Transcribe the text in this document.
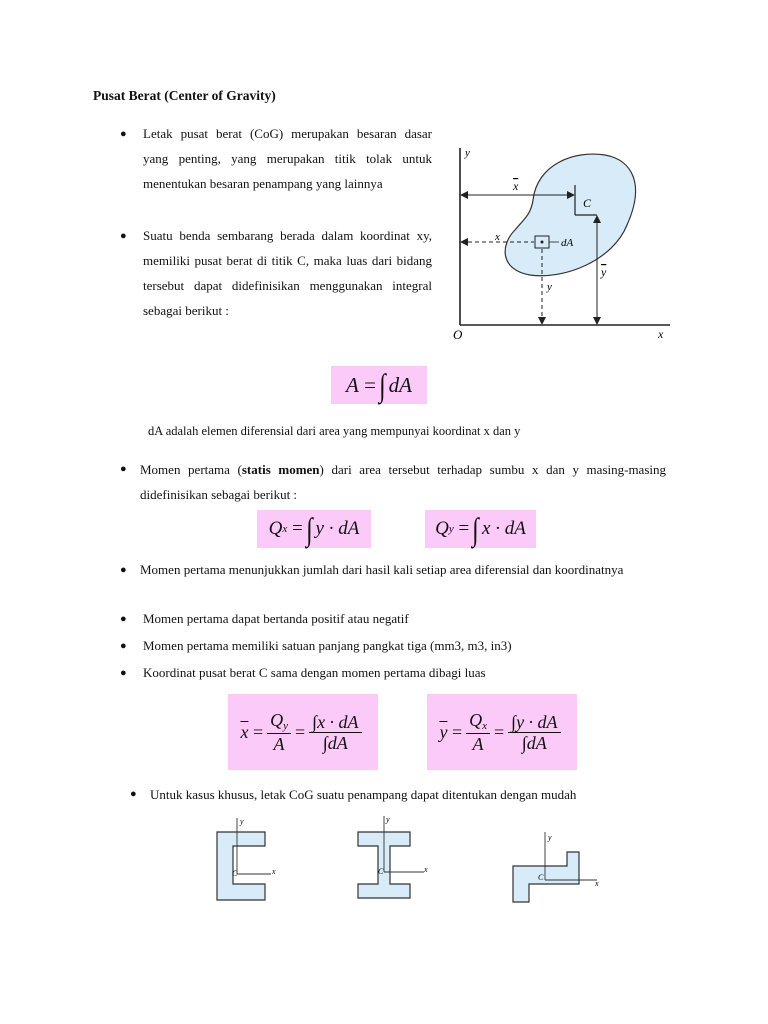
Pusat Berat (Center of Gravity)
● Letak pusat berat (CoG) merupakan besaran dasar yang penting, yang merupakan titik tolak untuk menentukan besaran penampang yang lainnya
● Suatu benda sembarang berada dalam koordinat xy, memiliki pusat berat di titik C, maka luas dari bidang tersebut dapat didefinisikan menggunakan integral sebagai berikut :
y
x
O
C
x
dA
x
y
y
A
= ∫ dA
dA adalah elemen diferensial dari area yang mempunyai koordinat x dan y
● Momen pertama (statis momen) dari area tersebut terhadap sumbu x dan y masing-masing didefinisikan sebagai berikut :
Q x
= ∫ y · dA	Q y
= ∫ x · dA
● Momen pertama menunjukkan jumlah dari hasil kali setiap area diferensial dan koordinatnya
● Momen pertama dapat bertanda positif atau negatif
● Momen pertama memiliki satuan panjang pangkat tiga (mm3, m3, in3)
● Koordinat pusat berat C sama dengan momen pertama dibagi luas
$\overline{x}$
= $\frac{Q_y}{A} = \frac{\int x \cdot dA}{\int dA}$	$\overline{y}$
= $\frac{Q_x}{A} = \frac{\int y \cdot dA}{\int dA}$
● Untuk kasus khusus, letak CoG suatu penampang dapat ditentukan dengan mudah
y
x
C
y
x
C
y
x
C
